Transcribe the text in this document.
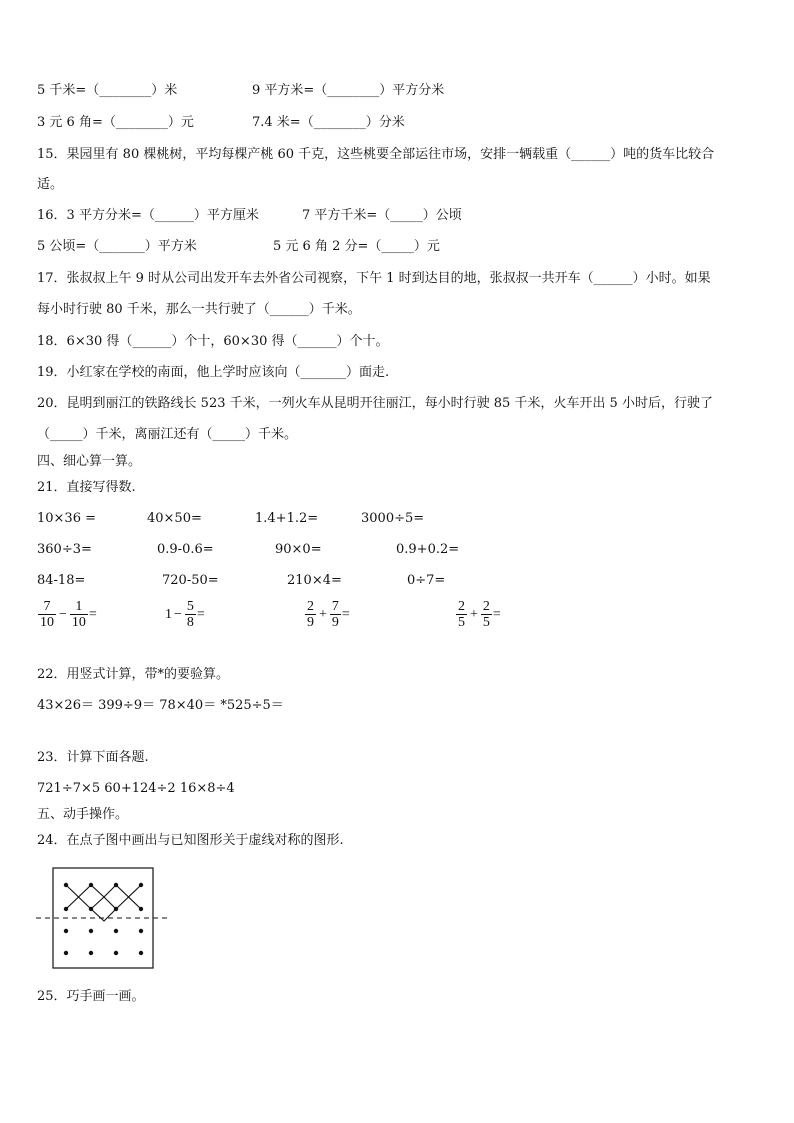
5 千米=（________）米	9 平方米=（________）平方分米
3 元 6 角=（________）元	7.4 米=（________）分米
15．果园里有 80 棵桃树，平均每棵产桃 60 千克，这些桃要全部运往市场，安排一辆载重（______）吨的货车比较合
适。
16．3 平方分米=（______）平方厘米	7 平方千米=（_____）公顷
5 公顷=（_______）平方米	5 元 6 角 2 分=（_____）元
17．张叔叔上午 9 时从公司出发开车去外省公司视察，下午 1 时到达目的地，张叔叔一共开车（______）小时。如果
每小时行驶 80 千米，那么一共行驶了（______）千米。
18．6×30 得（______）个十，60×30 得（______）个十。
19．小红家在学校的南面，他上学时应该向（_______）面走.
20．昆明到丽江的铁路线长 523 千米，一列火车从昆明开往丽江，每小时行驶 85 千米，火车开出 5 小时后，行驶了
（_____）千米，离丽江还有（_____）千米。
四、细心算一算。
21．直接写得数.
10×36 =	40×50=	1.4+1.2=	3000÷5=
360÷3=	0.9-0.6=	90×0=	0.9+0.2=
84-18=	720-50=	210×4=	0÷7=
$\frac{7}{10} - \frac{1}{10}$ =	$1 - \frac{5}{8}$ =	$\frac{2}{9} + \frac{7}{9}$ =	$\frac{2}{5} + \frac{2}{5}$ =
22．用竖式计算，带*的要验算。
43×26＝ 399÷9＝ 78×40＝ *525÷5＝
23．计算下面各题.
721÷7×5 60+124÷2 16×8÷4
五、动手操作。
24．在点子图中画出与已知图形关于虚线对称的图形.
25．巧手画一画。
